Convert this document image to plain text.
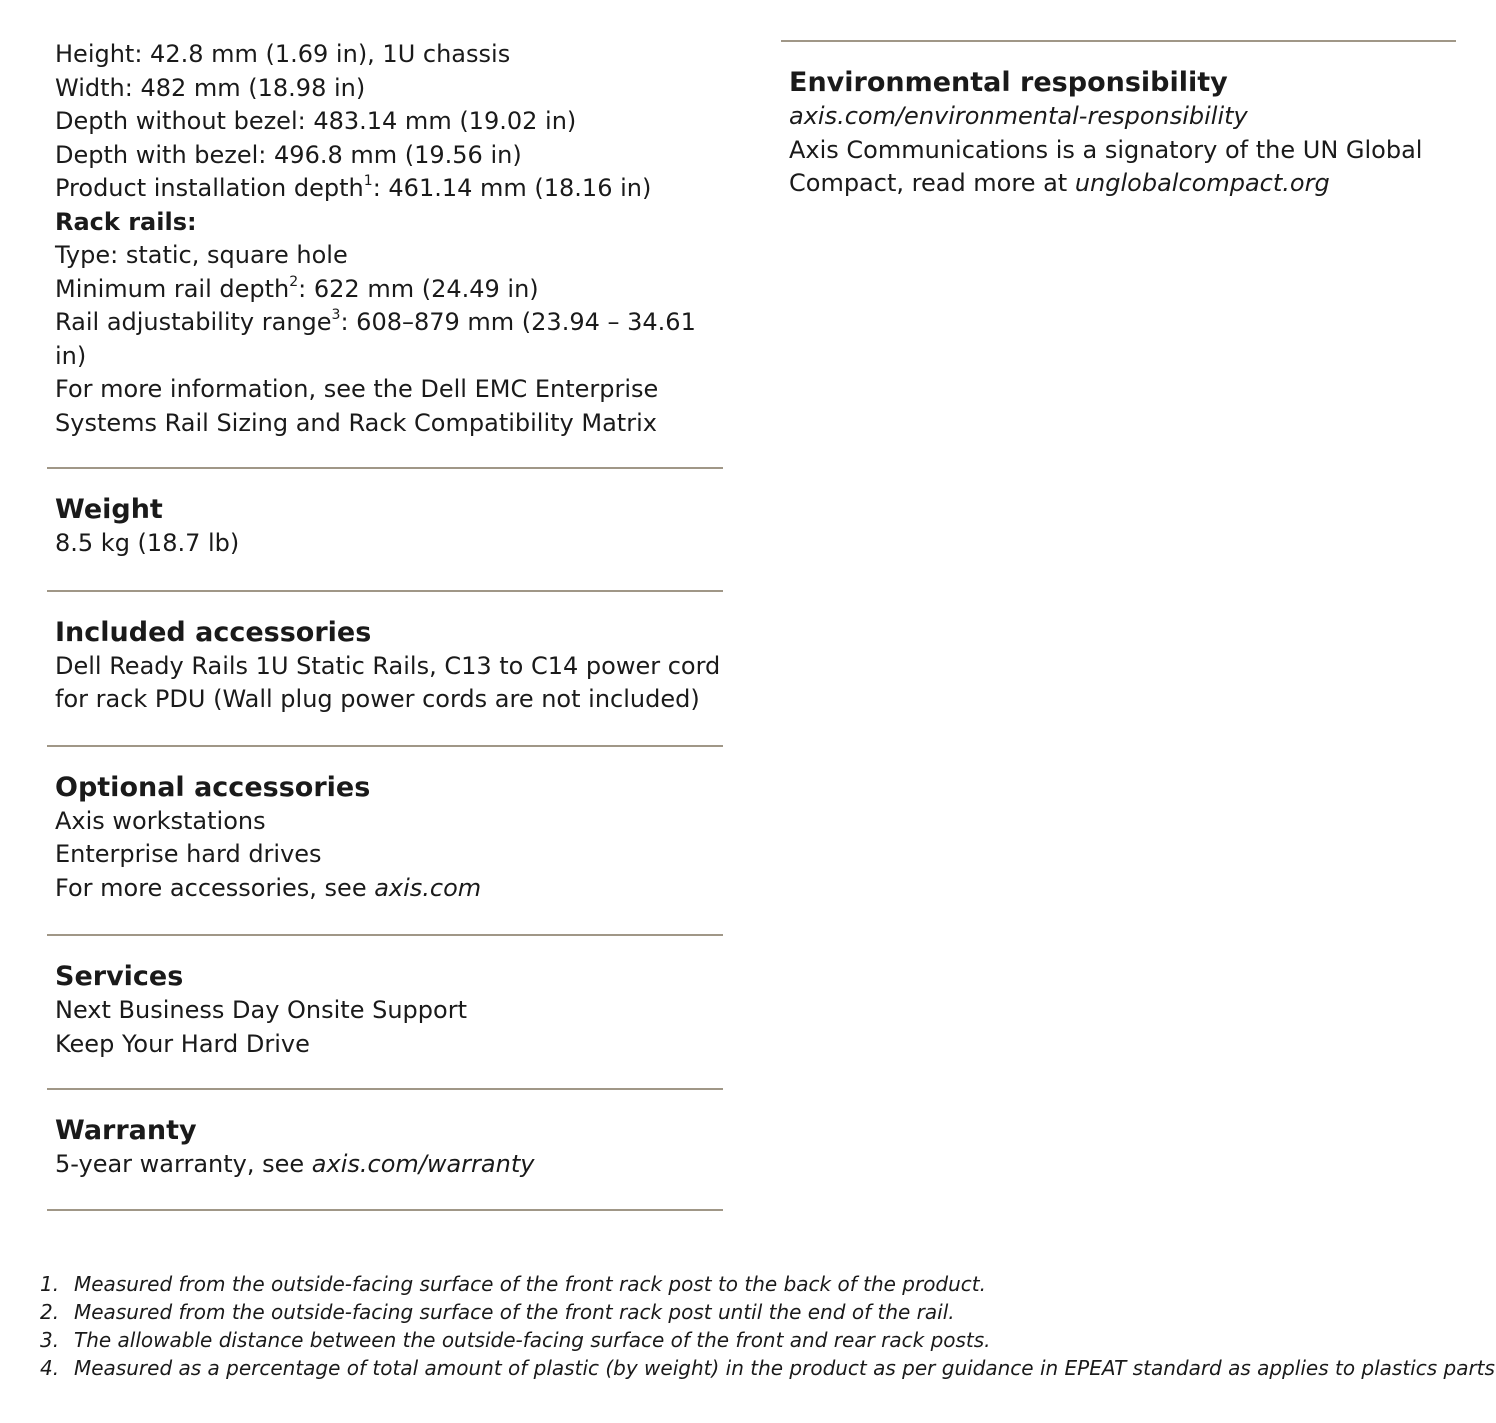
Height: 42.8 mm (1.69 in), 1U chassis
Width: 482 mm (18.98 in)
Depth without bezel: 483.14 mm (19.02 in)
Depth with bezel: 496.8 mm (19.56 in)
Product installation depth$^1$: 461.14 mm (18.16 in)
Rack rails:
Type: static, square hole
Minimum rail depth$^2$: 622 mm (24.49 in)
Rail adjustability range$^3$: 608–879 mm (23.94 – 34.61
in)
For more information, see the Dell EMC Enterprise
Systems Rail Sizing and Rack Compatibility Matrix
Weight
8.5 kg (18.7 lb)
Included accessories
Dell Ready Rails 1U Static Rails, C13 to C14 power cord
for rack PDU (Wall plug power cords are not included)
Optional accessories
Axis workstations
Enterprise hard drives
For more accessories, see axis.com
Services
Next Business Day Onsite Support
Keep Your Hard Drive
Warranty
5-year warranty, see axis.com/warranty
Environmental responsibility
axis.com/environmental-responsibility
Axis Communications is a signatory of the UN Global
Compact, read more at unglobalcompact.org
1. Measured from the outside-facing surface of the front rack post to the back of the product.
2. Measured from the outside-facing surface of the front rack post until the end of the rail.
3. The allowable distance between the outside-facing surface of the front and rear rack posts.
4. Measured as a percentage of total amount of plastic (by weight) in the product as per guidance in EPEAT standard as applies to plastics parts
